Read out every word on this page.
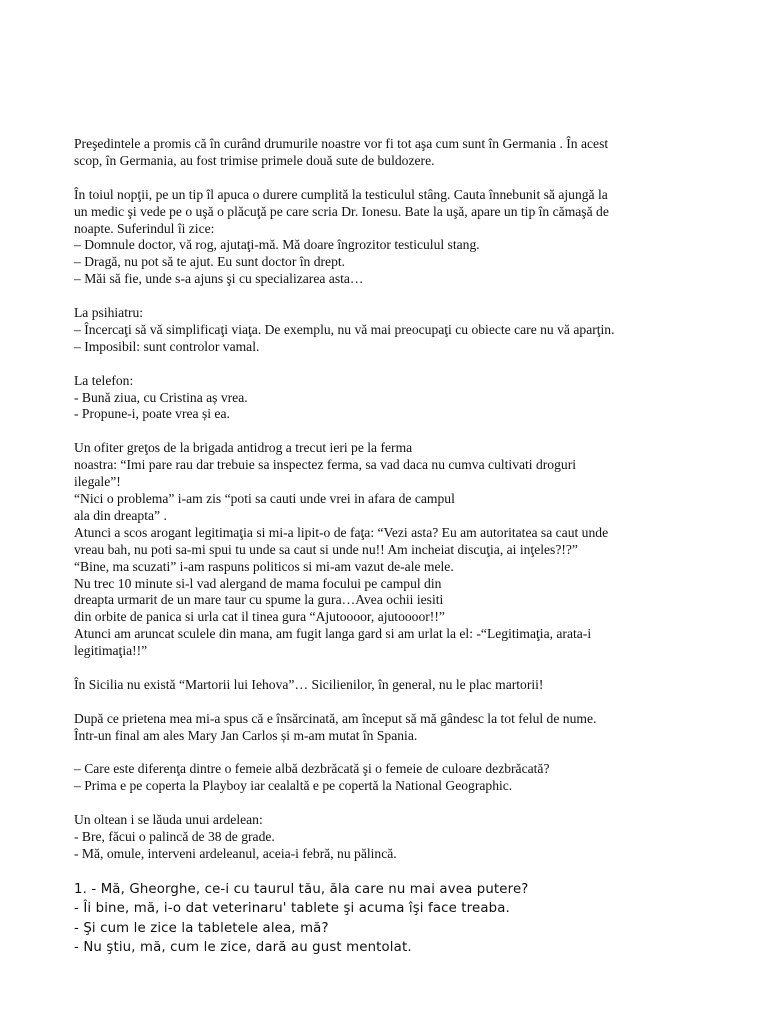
Preşedintele a promis că în curând drumurile noastre vor fi tot aşa cum sunt în Germania . În acest
scop, în Germania, au fost trimise primele două sute de buldozere.
În toiul nopţii, pe un tip îl apuca o durere cumplită la testiculul stâng. Cauta înnebunit să ajungă la
un medic şi vede pe o uşă o plăcuţă pe care scria Dr. Ionesu. Bate la uşă, apare un tip în cămaşă de
noapte. Suferindul îi zice:
– Domnule doctor, vă rog, ajutaţi-mă. Mă doare îngrozitor testiculul stang.
– Dragă, nu pot să te ajut. Eu sunt doctor în drept.
– Măi să fie, unde s-a ajuns şi cu specializarea asta…
La psihiatru:
– Încercaţi să vă simplificaţi viaţa. De exemplu, nu vă mai preocupaţi cu obiecte care nu vă aparţin.
– Imposibil: sunt controlor vamal.
La telefon:
- Bună ziua, cu Cristina aș vrea.
- Propune-i, poate vrea și ea.
Un ofiter greţos de la brigada antidrog a trecut ieri pe la ferma
noastra: “Imi pare rau dar trebuie sa inspectez ferma, sa vad daca nu cumva cultivati droguri
ilegale”!
“Nici o problema” i-am zis “poti sa cauti unde vrei in afara de campul
ala din dreapta” .
Atunci a scos arogant legitimaţia si mi-a lipit-o de faţa: “Vezi asta? Eu am autoritatea sa caut unde
vreau bah, nu poti sa-mi spui tu unde sa caut si unde nu!! Am incheiat discuţia, ai inţeles?!?”
“Bine, ma scuzati” i-am raspuns politicos si mi-am vazut de-ale mele.
Nu trec 10 minute si-l vad alergand de mama focului pe campul din
dreapta urmarit de un mare taur cu spume la gura…Avea ochii iesiti
din orbite de panica si urla cat il tinea gura “Ajutoooor, ajutoooor!!”
Atunci am aruncat sculele din mana, am fugit langa gard si am urlat la el: -“Legitimaţia, arata-i
legitimaţia!!”
În Sicilia nu există “Martorii lui Iehova”… Sicilienilor, în general, nu le plac martorii!
După ce prietena mea mi-a spus că e însărcinată, am început să mă gândesc la tot felul de nume.
Într-un final am ales Mary Jan Carlos și m-am mutat în Spania.
– Care este diferenţa dintre o femeie albă dezbrăcată şi o femeie de culoare dezbrăcată?
– Prima e pe coperta la Playboy iar cealaltă e pe copertă la National Geographic.
Un oltean i se lăuda unui ardelean:
- Bre, făcui o palincă de 38 de grade.
- Mă, omule, interveni ardeleanul, aceia-i febră, nu pălincă.
1. - Mă, Gheorghe, ce-i cu taurul tău, ăla care nu mai avea putere?
- Îi bine, mă, i-o dat veterinaru' tablete şi acuma îşi face treaba.
- Şi cum le zice la tabletele alea, mă?
- Nu ştiu, mă, cum le zice, dară au gust mentolat.
